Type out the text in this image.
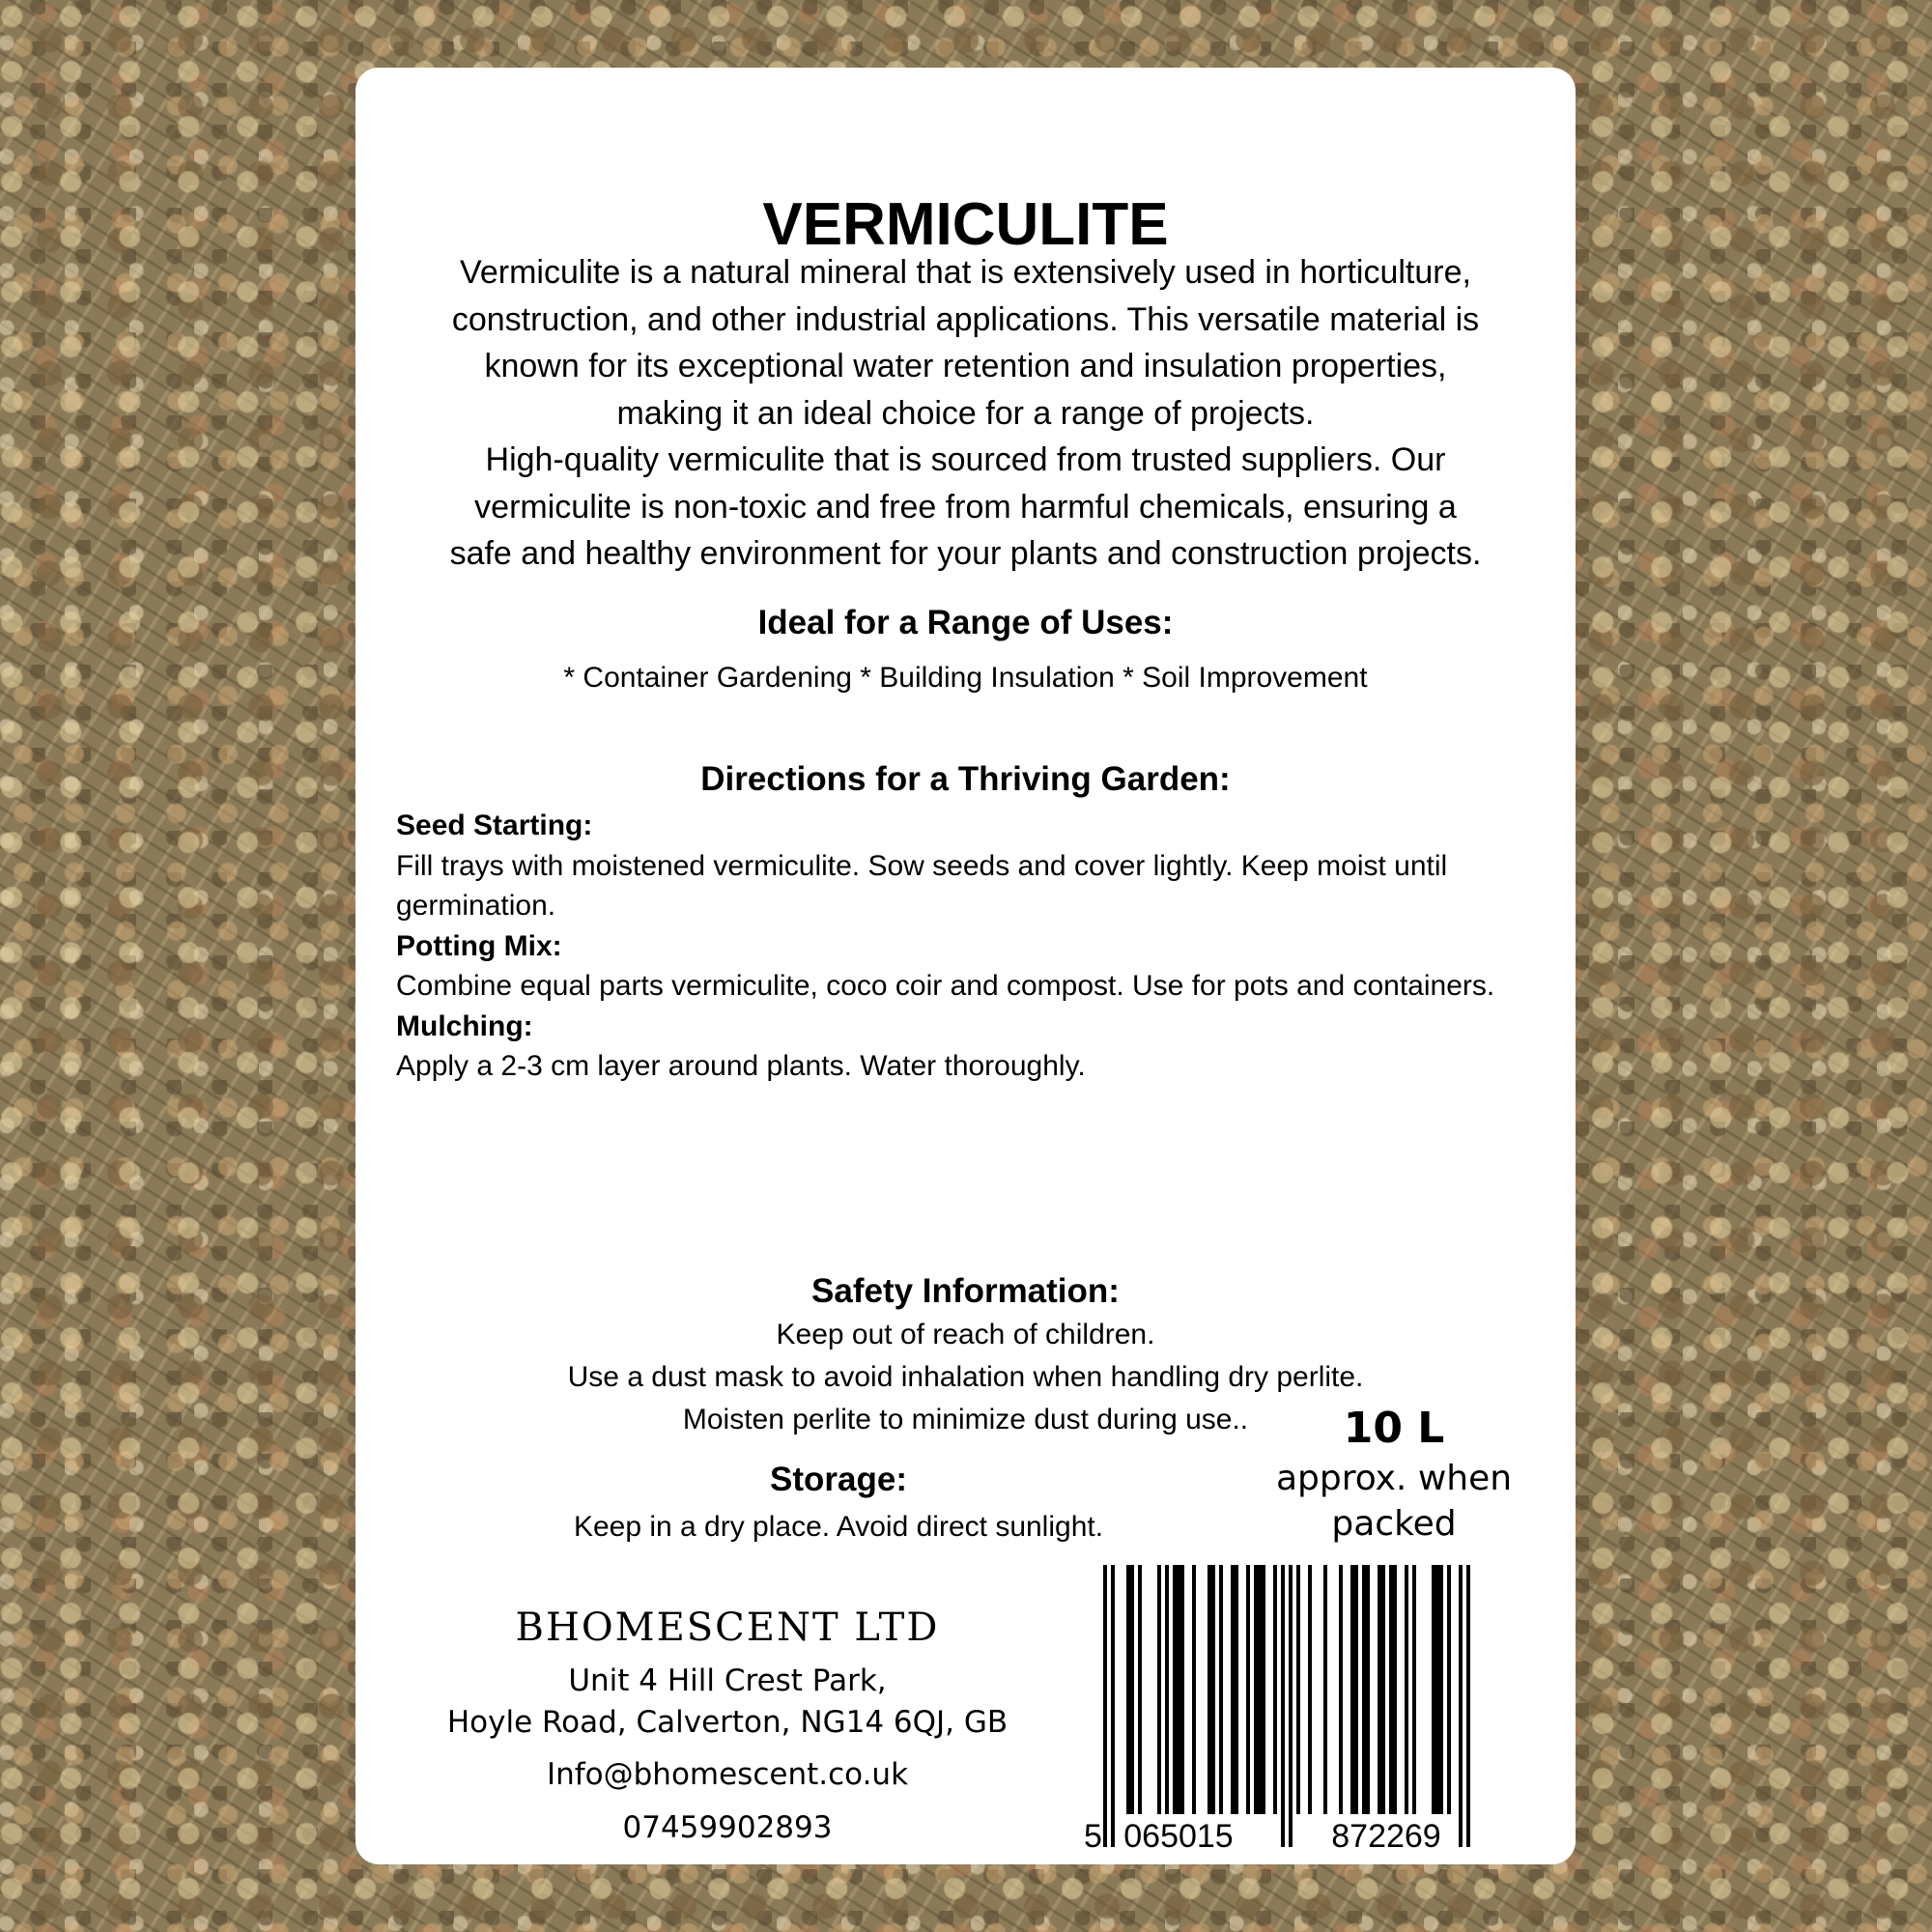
VERMICULITE
Vermiculite is a natural mineral that is extensively used in horticulture,
construction, and other industrial applications. This versatile material is
known for its exceptional water retention and insulation properties,
making it an ideal choice for a range of projects.
High-quality vermiculite that is sourced from trusted suppliers. Our
vermiculite is non-toxic and free from harmful chemicals, ensuring a
safe and healthy environment for your plants and construction projects.
Ideal for a Range of Uses:

* Container Gardening * Building Insulation * Soil Improvement

Directions for a Thriving Garden:
Seed Starting:
Fill trays with moistened vermiculite. Sow seeds and cover lightly. Keep moist until germination.
Potting Mix:
Combine equal parts vermiculite, coco coir and compost. Use for pots and containers.
Mulching:
Apply a 2-3 cm layer around plants. Water thoroughly.
Safety Information:
Keep out of reach of children.
Use a dust mask to avoid inhalation when handling dry perlite.
Moisten perlite to minimize dust during use..
Storage:

Keep in a dry place. Avoid direct sunlight.

10 L
approx. when packed
BHOMESCENT LTD
Unit 4 Hill Crest Park,
Hoyle Road, Calverton, NG14 6QJ, GB
Info@bhomescent.co.uk
07459902893	5 065015	872269
